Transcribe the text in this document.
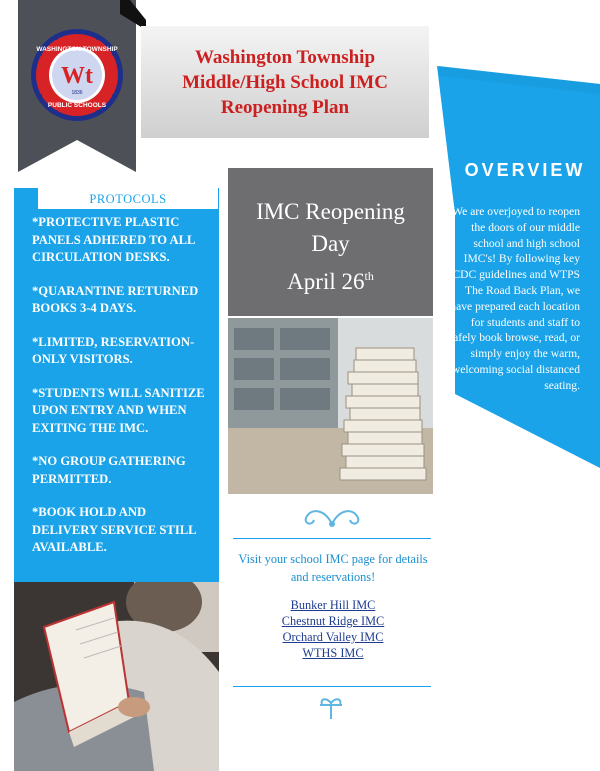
WASHINGTON TOWNSHIP
PUBLIC SCHOOLS
Wt
1836
Washington Township
Middle/High School IMC
Reopening Plan
OVERVIEW
We are overjoyed to reopen the doors of our middle school and high school IMC's! By following key CDC guidelines and WTPS The Road Back Plan, we have prepared each location for students and staff to safely book browse, read, or simply enjoy the warm, welcoming social distanced seating.
PROTOCOLS
*PROTECTIVE PLASTIC PANELS ADHERED TO ALL CIRCULATION DESKS.
*QUARANTINE RETURNED BOOKS 3-4 DAYS.
*LIMITED, RESERVATION-ONLY VISITORS.
*STUDENTS WILL SANITIZE UPON ENTRY AND WHEN EXITING THE IMC.
*NO GROUP GATHERING PERMITTED.
*BOOK HOLD AND DELIVERY SERVICE STILL AVAILABLE.
IMC Reopening
Day
April 26th
Visit your school IMC page for details and reservations!
Bunker Hill IMC
Chestnut Ridge IMC
Orchard Valley IMC
WTHS IMC
